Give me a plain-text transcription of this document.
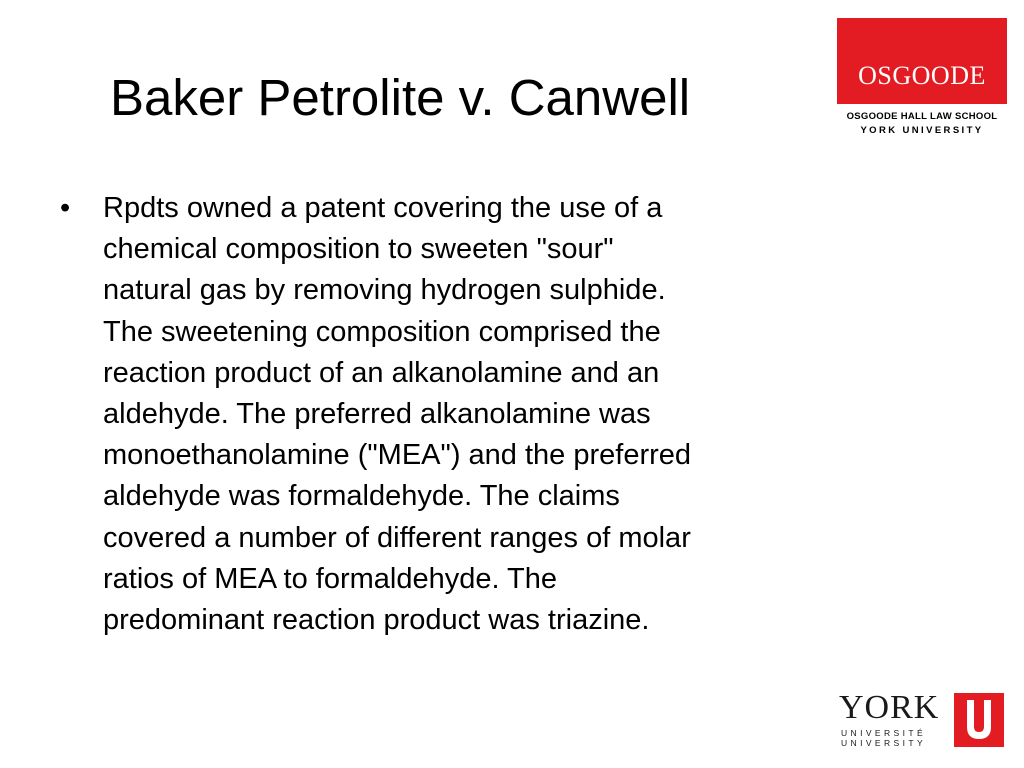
Baker Petrolite v. Canwell
•	Rpdts owned a patent covering the use of a
chemical composition to sweeten "sour"
natural gas by removing hydrogen sulphide.
The sweetening composition comprised the
reaction product of an alkanolamine and an
aldehyde. The preferred alkanolamine was
monoethanolamine ("MEA") and the preferred
aldehyde was formaldehyde. The claims
covered a number of different ranges of molar
ratios of MEA to formaldehyde. The
predominant reaction product was triazine.
OSGOODE
OSGOODE HALL LAW SCHOOL
YORK UNIVERSITY
YORK
UNIVERSITÉ
UNIVERSITY
